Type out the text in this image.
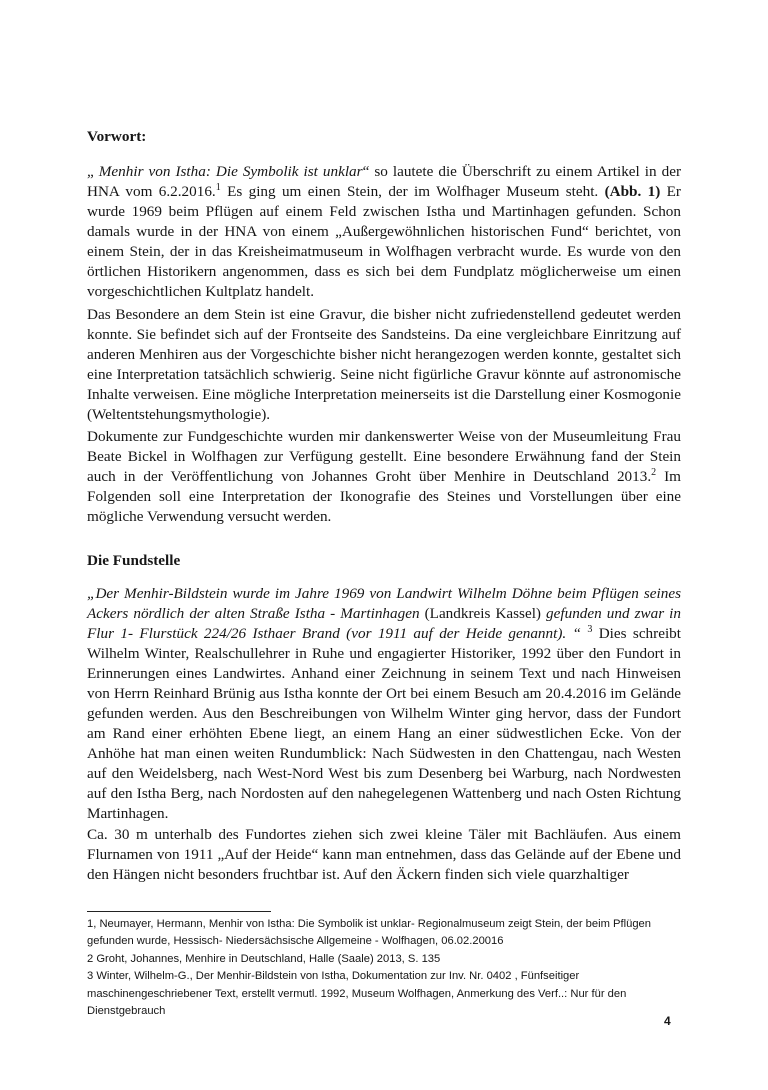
Vorwort:

„ Menhir von Istha: Die Symbolik ist unklar“ so lautete die Überschrift zu einem Artikel in der HNA vom 6.2.2016.$^1$ Es ging um einen Stein, der im Wolfhager Museum steht. (Abb. 1) Er wurde 1969 beim Pflügen auf einem Feld zwischen Istha und Martinhagen gefunden. Schon damals wurde in der HNA von einem „Außergewöhnlichen historischen Fund“ berichtet, von einem Stein, der in das Kreisheimatmuseum in Wolfhagen verbracht wurde. Es wurde von den örtlichen Historikern angenommen, dass es sich bei dem Fundplatz möglicherweise um einen vorgeschichtlichen Kultplatz handelt.

Das Besondere an dem Stein ist eine Gravur, die bisher nicht zufriedenstellend gedeutet werden konnte. Sie befindet sich auf der Frontseite des Sandsteins. Da eine vergleichbare Einritzung auf anderen Menhiren aus der Vorgeschichte bisher nicht herangezogen werden konnte, gestaltet sich eine Interpretation tatsächlich schwierig. Seine nicht figürliche Gravur könnte auf astronomische Inhalte verweisen. Eine mögliche Interpretation meinerseits ist die Darstellung einer Kosmogonie (Weltentstehungsmythologie).

Dokumente zur Fundgeschichte wurden mir dankenswerter Weise von der Museumleitung Frau Beate Bickel in Wolfhagen zur Verfügung gestellt. Eine besondere Erwähnung fand der Stein auch in der Veröffentlichung von Johannes Groht über Menhire in Deutschland 2013.$^2$ Im Folgenden soll eine Interpretation der Ikonografie des Steines und Vorstellungen über eine mögliche Verwendung versucht werden.

Die Fundstelle

„Der Menhir-Bildstein wurde im Jahre 1969 von Landwirt Wilhelm Döhne beim Pflügen seines Ackers nördlich der alten Straße Istha - Martinhagen (Landkreis Kassel) gefunden und zwar in Flur 1- Flurstück 224/26 Isthaer Brand (vor 1911 auf der Heide genannt). “ $^3$ Dies schreibt Wilhelm Winter, Realschullehrer in Ruhe und engagierter Historiker, 1992 über den Fundort in Erinnerungen eines Landwirtes. Anhand einer Zeichnung in seinem Text und nach Hinweisen von Herrn Reinhard Brünig aus Istha konnte der Ort bei einem Besuch am 20.4.2016 im Gelände gefunden werden. Aus den Beschreibungen von Wilhelm Winter ging hervor, dass der Fundort am Rand einer erhöhten Ebene liegt, an einem Hang an einer südwestlichen Ecke. Von der Anhöhe hat man einen weiten Rundumblick: Nach Südwesten in den Chattengau, nach Westen auf den Weidelsberg, nach West-Nord West bis zum Desenberg bei Warburg, nach Nordwesten auf den Istha Berg, nach Nordosten auf den nahegelegenen Wattenberg und nach Osten Richtung Martinhagen.

Ca. 30 m unterhalb des Fundortes ziehen sich zwei kleine Täler mit Bachläufen. Aus einem Flurnamen von 1911 „Auf der Heide“ kann man entnehmen, dass das Gelände auf der Ebene und den Hängen nicht besonders fruchtbar ist. Auf den Äckern finden sich viele quarzhaltiger

1, Neumayer, Hermann, Menhir von Istha: Die Symbolik ist unklar- Regionalmuseum zeigt Stein, der beim Pflügen gefunden wurde, Hessisch- Niedersächsische Allgemeine - Wolfhagen, 06.02.20016

2 Groht, Johannes, Menhire in Deutschland, Halle (Saale) 2013, S. 135

3 Winter, Wilhelm-G., Der Menhir-Bildstein von Istha, Dokumentation zur Inv. Nr. 0402 , Fünfseitiger maschinengeschriebener Text, erstellt vermutl. 1992, Museum Wolfhagen, Anmerkung des Verf..: Nur für den Dienstgebrauch

4
